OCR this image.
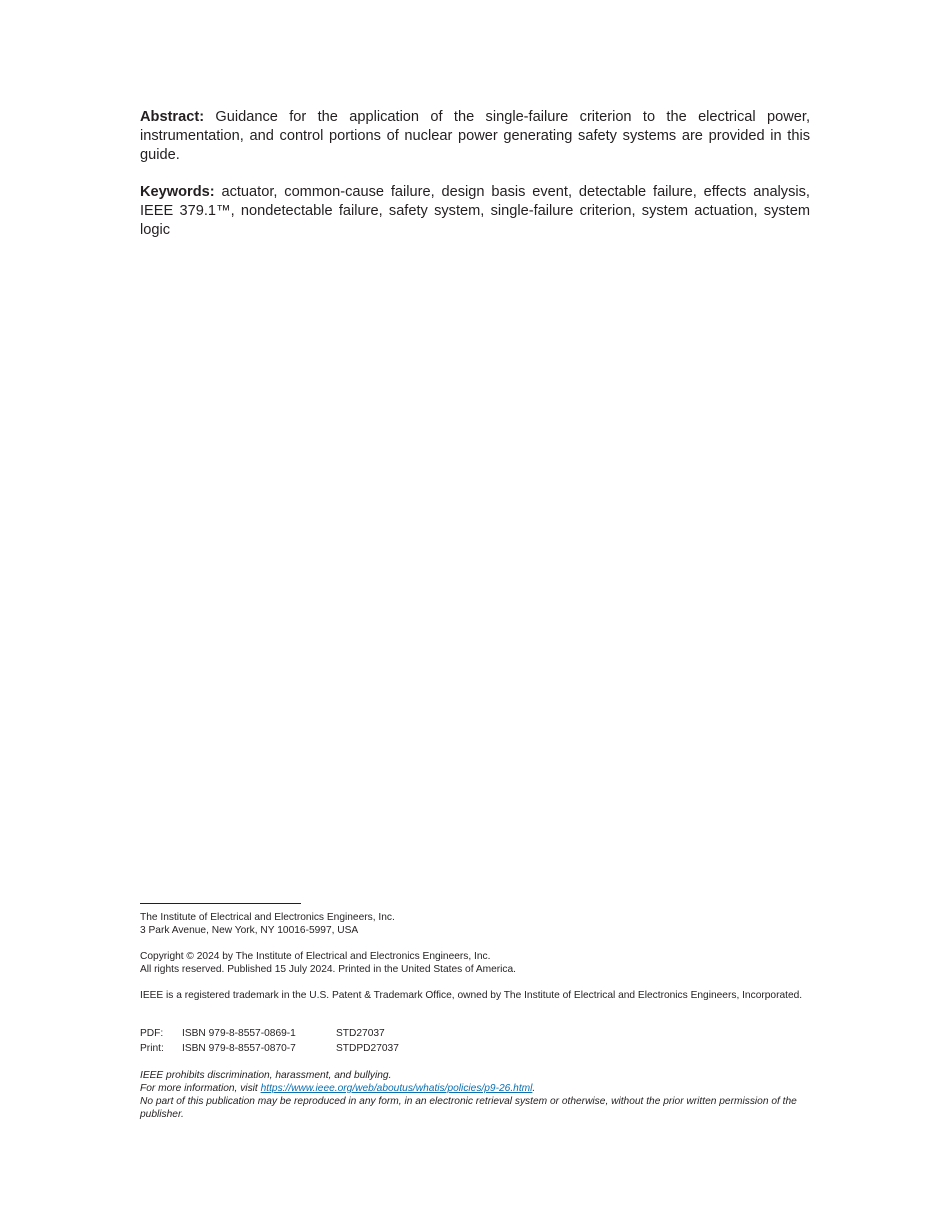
Abstract: Guidance for the application of the single-failure criterion to the electrical power, instrumentation, and control portions of nuclear power generating safety systems are provided in this guide.

Keywords: actuator, common-cause failure, design basis event, detectable failure, effects analysis, IEEE 379.1™, nondetectable failure, safety system, single-failure criterion, system actuation, system logic

The Institute of Electrical and Electronics Engineers, Inc.
3 Park Avenue, New York, NY 10016-5997, USA
Copyright © 2024 by The Institute of Electrical and Electronics Engineers, Inc.
All rights reserved. Published 15 July 2024. Printed in the United States of America.
IEEE is a registered trademark in the U.S. Patent & Trademark Office, owned by The Institute of Electrical and Electronics Engineers, Incorporated.
PDF: ISBN 979-8-8557-0869-1	STD27037
Print: ISBN 979-8-8557-0870-7	STDPD27037
IEEE prohibits discrimination, harassment, and bullying.
For more information, visit https://www.ieee.org/web/aboutus/whatis/policies/p9-26.html.
No part of this publication may be reproduced in any form, in an electronic retrieval system or otherwise, without the prior written permission of the publisher.
